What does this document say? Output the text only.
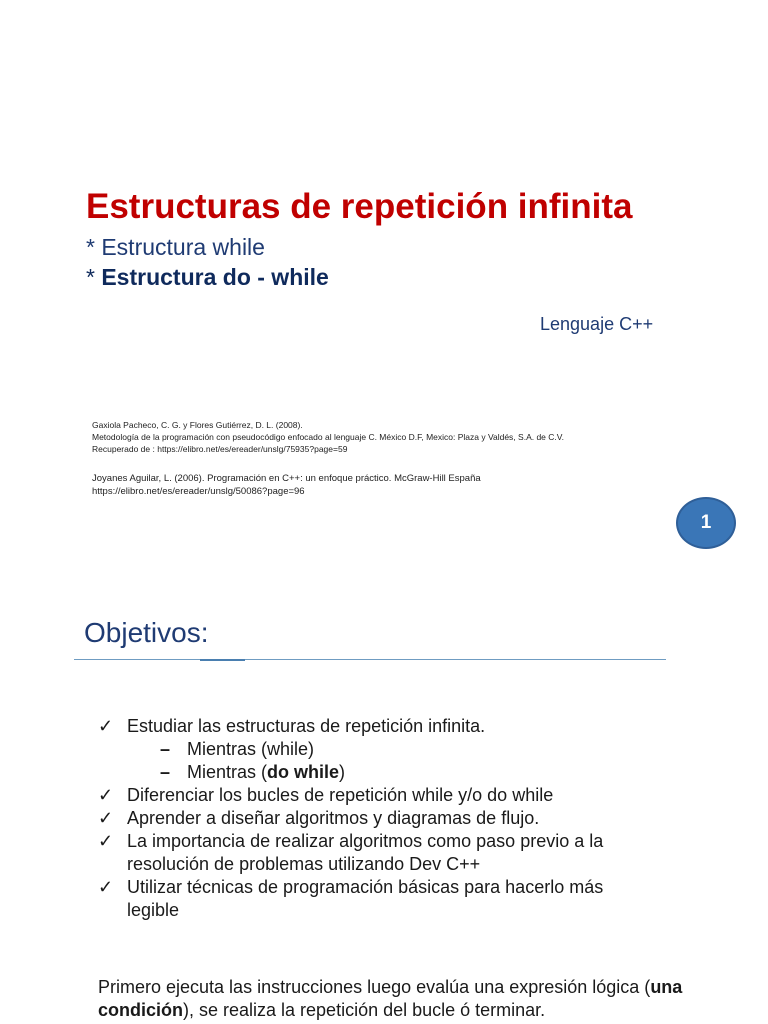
Estructuras de repetición infinita
* Estructura while
* Estructura do - while
Lenguaje C++
Gaxiola Pacheco, C. G. y Flores Gutiérrez, D. L. (2008).
Metodología de la programación con pseudocódigo enfocado al lenguaje C. México D.F, Mexico: Plaza y Valdés, S.A. de C.V.
Recuperado de : https://elibro.net/es/ereader/unslg/75935?page=59
Joyanes Aguilar, L. (2006). Programación en C++: un enfoque práctico. McGraw-Hill España
https://elibro.net/es/ereader/unslg/50086?page=96
1
Objetivos:
✓ Estudiar las estructuras de repetición infinita.
– Mientras (while)
– Mientras (do while)
✓ Diferenciar los bucles de repetición while y/o do while
✓ Aprender a diseñar algoritmos y diagramas de flujo.
✓ La importancia de realizar algoritmos como paso previo a la resolución de problemas utilizando Dev C++
✓ Utilizar técnicas de programación básicas para hacerlo más legible
Primero ejecuta las instrucciones luego evalúa una expresión lógica (una condición), se realiza la repetición del bucle ó terminar.
